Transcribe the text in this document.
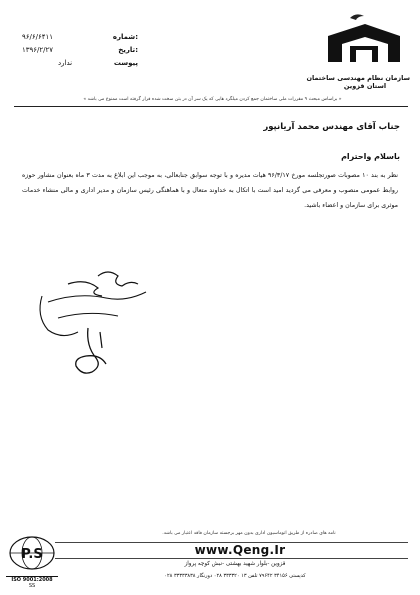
شماره:
۹۶/۶/۶۴۱۱
تاریخ:
۱۳۹۶/۲/۲۷
پیوست
ندارد
سازمان نظام مهندسی ساختمان
استان قزوین
« براساس مبحث ۹ مقررات ملی ساختمان جمع کردن میلگرد هایی که یک سر آن در بتن سخت شده قرار گرفته است ممنوع می باشد »
جناب آقای مهندس محمد آریانپور
باسلام واحترام
نظر به بند ۱۰ مصوبات صورتجلسه مورخ ۹۶/۳/۱۷ هیات مدیره و با توجه سوابق جنابعالی، به موجب این ابلاغ به مدت ۳ ماه بعنوان مشاور حوزه روابط عمومی منصوب و معرفی می گردید امید است با اتکال به خداوند متعال و با هماهنگی رئیس سازمان و مدیر اداری و مالی منشاء خدمات موثری برای سازمان و اعضاء باشید.
نامه های صادره از طریق اتوماسیون اداری بدون مهر برجسته سازمان فاقد اعتبار می باشد.
www.Qeng.Ir
قزوین -بلوار شهید بهشتی -نبش کوچه پرواز
کدپستی ۳۴۱۵۶ ۷۹۶۴۲ تلفن ۱۳ ۳۳۳۳۲۰ ۰۲۸ دورنگار ۳۳۳۳۳۸۳۸ ۰۲۸
P.S
ISO 9001:2008
SS
